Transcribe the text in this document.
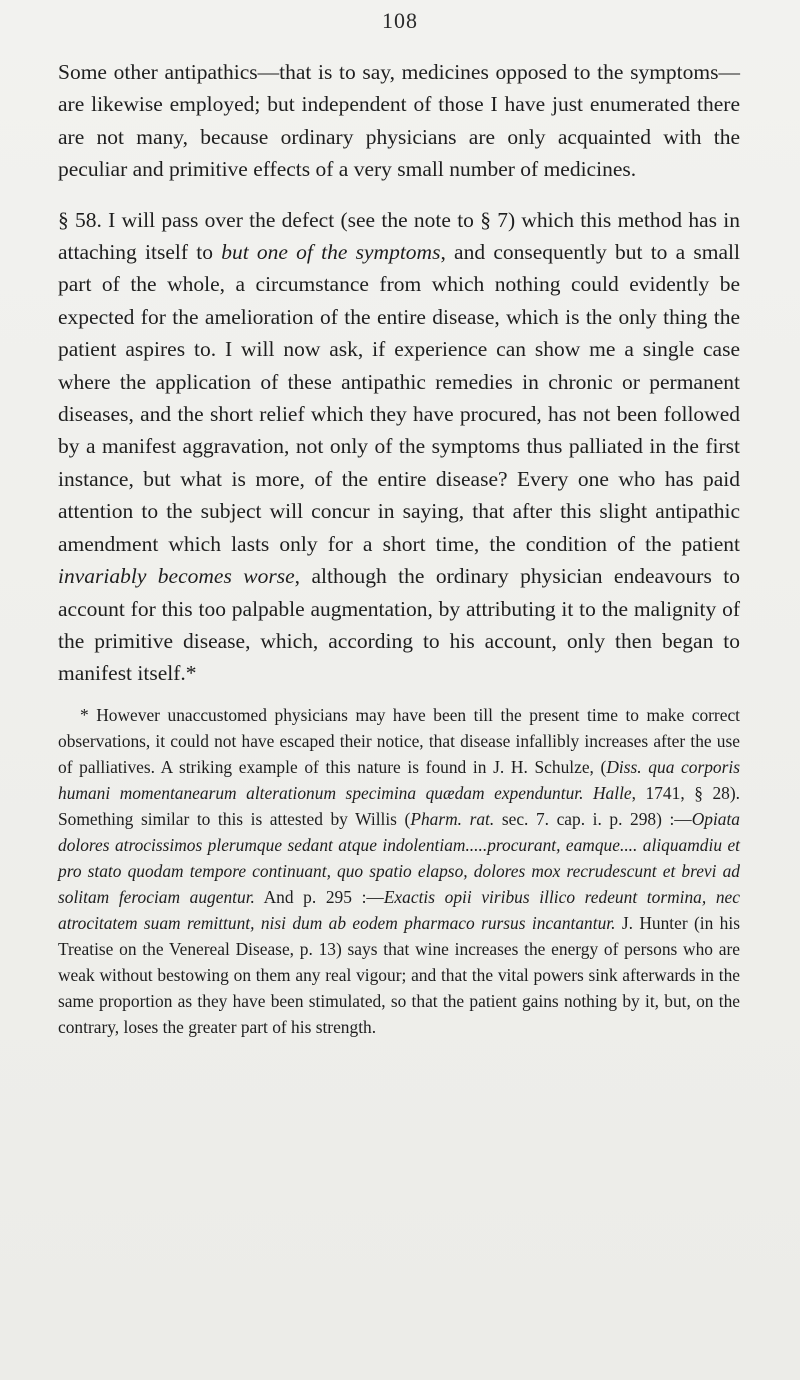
108

Some other antipathics—that is to say, medicines opposed to the symptoms—are likewise employed; but independent of those I have just enumerated there are not many, because ordinary physicians are only acquainted with the peculiar and primitive effects of a very small number of medicines.

§ 58. I will pass over the defect (see the note to § 7) which this method has in attaching itself to but one of the symptoms, and consequently but to a small part of the whole, a circumstance from which nothing could evidently be expected for the amelioration of the entire disease, which is the only thing the patient aspires to. I will now ask, if experience can show me a single case where the application of these antipathic remedies in chronic or permanent diseases, and the short relief which they have procured, has not been followed by a manifest aggravation, not only of the symptoms thus palliated in the first instance, but what is more, of the entire disease? Every one who has paid attention to the subject will concur in saying, that after this slight antipathic amendment which lasts only for a short time, the condition of the patient invariably becomes worse, although the ordinary physician endeavours to account for this too palpable augmentation, by attributing it to the malignity of the primitive disease, which, according to his account, only then began to manifest itself.*

* However unaccustomed physicians may have been till the present time to make correct observations, it could not have escaped their notice, that disease infallibly increases after the use of palliatives. A striking example of this nature is found in J. H. Schulze, (Diss. qua corporis humani momentanearum alterationum specimina quædam expenduntur. Halle, 1741, § 28). Something similar to this is attested by Willis (Pharm. rat. sec. 7. cap. i. p. 298) :—Opiata dolores atrocissimos plerumque sedant atque indolentiam.....procurant, eamque.... aliquamdiu et pro stato quodam tempore continuant, quo spatio elapso, dolores mox recrudescunt et brevi ad solitam ferociam augentur. And p. 295 :—Exactis opii viribus illico redeunt tormina, nec atrocitatem suam remittunt, nisi dum ab eodem pharmaco rursus incantantur. J. Hunter (in his Treatise on the Venereal Disease, p. 13) says that wine increases the energy of persons who are weak without bestowing on them any real vigour; and that the vital powers sink afterwards in the same proportion as they have been stimulated, so that the patient gains nothing by it, but, on the contrary, loses the greater part of his strength.
